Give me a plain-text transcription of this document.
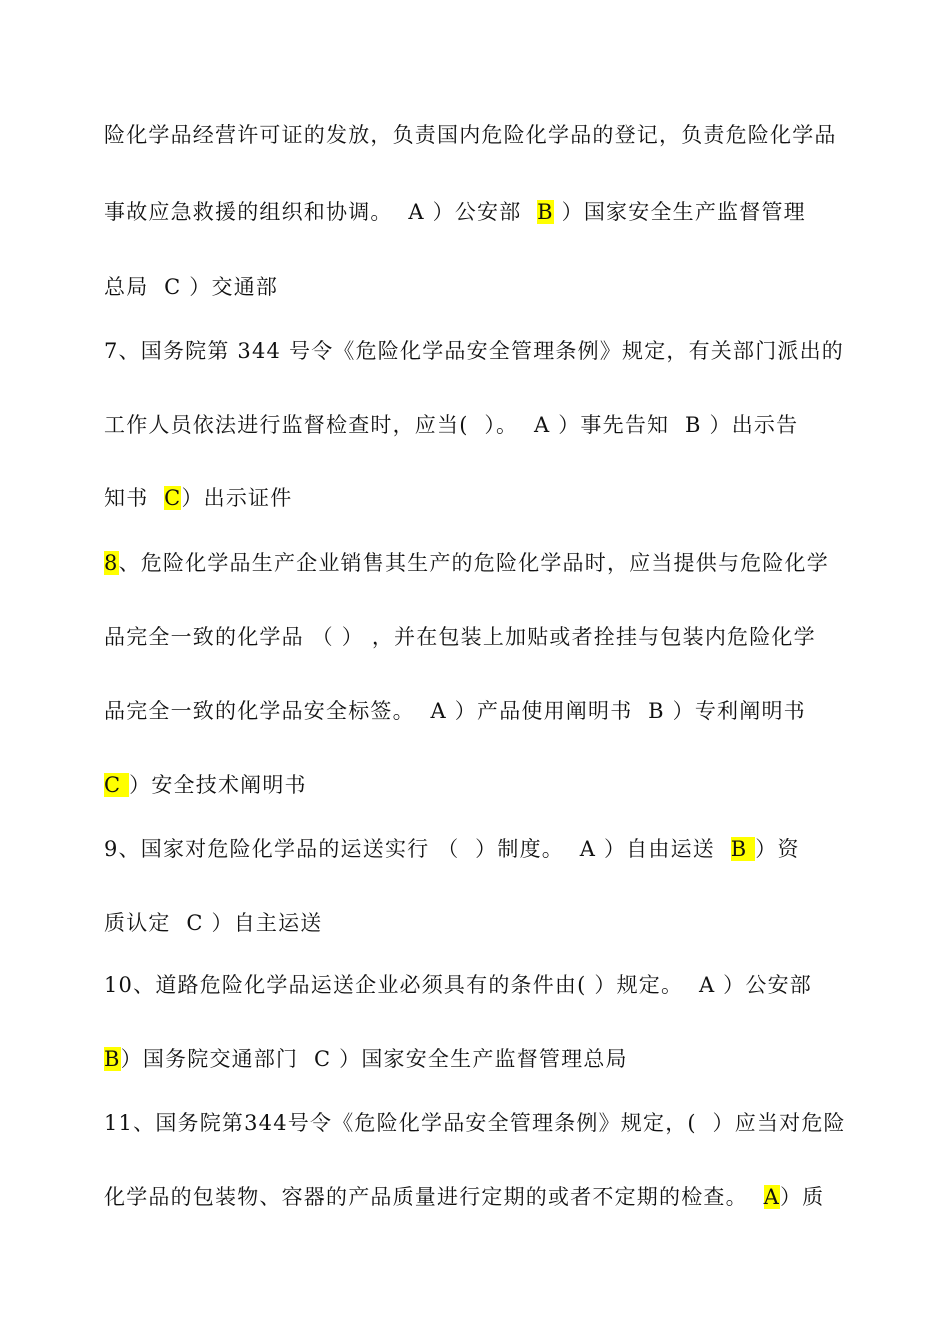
险化学品经营许可证的发放，负责国内危险化学品的登记，负责危险化学品
事故应急救援的组织和协调。  A ）公安部  B ）国家安全生产监督管理
总局  C ）交通部
7、国务院第 344 号令《危险化学品安全管理条例》规定，有关部门派出的
工作人员依法进行监督检查时，应当(  ）。  A ）事先告知  B ）出示告
知书  C）出示证件
8、危险化学品生产企业销售其生产的危险化学品时，应当提供与危险化学
品完全一致的化学品 （ ） ，并在包装上加贴或者拴挂与包装内危险化学
品完全一致的化学品安全标签。  A ）产品使用阐明书  B ）专利阐明书
C ）安全技术阐明书
9、国家对危险化学品的运送实行 （  ）制度。  A ）自由运送  B ）资
质认定  C ）自主运送
10、道路危险化学品运送企业必须具有的条件由( ）规定。  A ）公安部
B）国务院交通部门  C ）国家安全生产监督管理总局
11、国务院第344号令《危险化学品安全管理条例》规定，(  ）应当对危险
化学品的包装物、容器的产品质量进行定期的或者不定期的检查。  A）质
